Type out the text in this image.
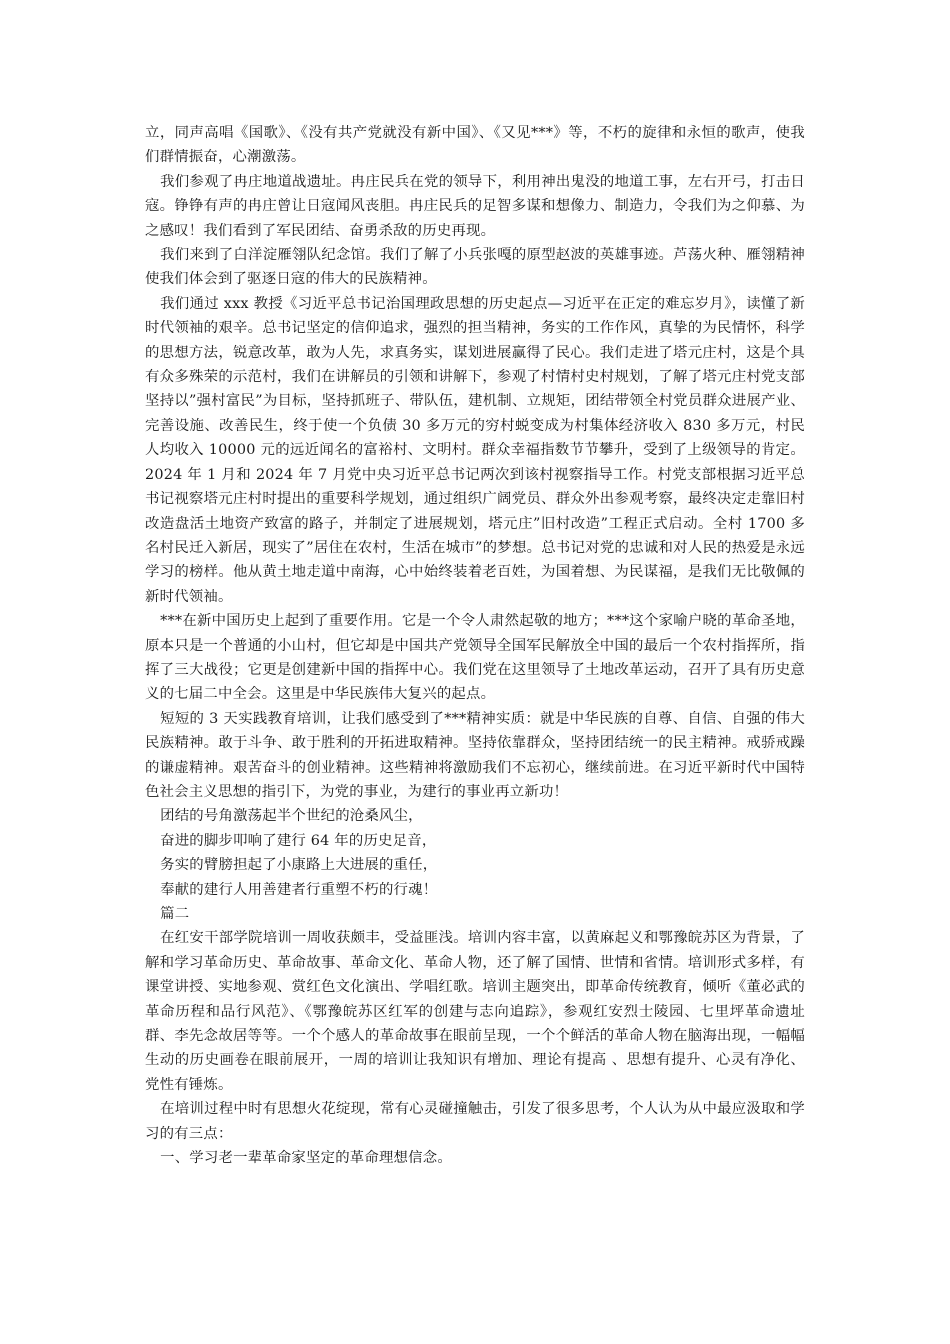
立，同声高唱《国歌》、《没有共产党就没有新中国》、《又见***》等，不朽的旋律和永恒的歌声，使我们群情振奋，心潮激荡。

我们参观了冉庄地道战遗址。冉庄民兵在党的领导下，利用神出鬼没的地道工事，左右开弓，打击日寇。铮铮有声的冉庄曾让日寇闻风丧胆。冉庄民兵的足智多谋和想像力、制造力，令我们为之仰慕、为之感叹！我们看到了军民团结、奋勇杀敌的历史再现。

我们来到了白洋淀雁翎队纪念馆。我们了解了小兵张嘎的原型赵波的英雄事迹。芦荡火种、雁翎精神使我们体会到了驱逐日寇的伟大的民族精神。

我们通过 xxx 教授《习近平总书记治国理政思想的历史起点—习近平在正定的难忘岁月》，读懂了新时代领袖的艰辛。总书记坚定的信仰追求，强烈的担当精神，务实的工作作风，真挚的为民情怀，科学的思想方法，锐意改革，敢为人先，求真务实，谋划进展赢得了民心。我们走进了塔元庄村，这是个具有众多殊荣的示范村，我们在讲解员的引领和讲解下，参观了村情村史村规划，了解了塔元庄村党支部坚持以”强村富民”为目标，坚持抓班子、带队伍，建机制、立规矩，团结带领全村党员群众进展产业、完善设施、改善民生，终于使一个负债 30 多万元的穷村蜕变成为村集体经济收入 830 多万元，村民人均收入 10000 元的远近闻名的富裕村、文明村。群众幸福指数节节攀升，受到了上级领导的肯定。2024 年 1 月和 2024 年 7 月党中央习近平总书记两次到该村视察指导工作。村党支部根据习近平总书记视察塔元庄村时提出的重要科学规划，通过组织广阔党员、群众外出参观考察，最终决定走靠旧村改造盘活土地资产致富的路子，并制定了进展规划，塔元庄”旧村改造”工程正式启动。全村 1700 多名村民迁入新居，现实了”居住在农村，生活在城市”的梦想。总书记对党的忠诚和对人民的热爱是永远学习的榜样。他从黄土地走道中南海，心中始终装着老百姓，为国着想、为民谋福，是我们无比敬佩的新时代领袖。

***在新中国历史上起到了重要作用。它是一个令人肃然起敬的地方；***这个家喻户晓的革命圣地，原本只是一个普通的小山村，但它却是中国共产党领导全国军民解放全中国的最后一个农村指挥所，指挥了三大战役；它更是创建新中国的指挥中心。我们党在这里领导了土地改革运动，召开了具有历史意义的七届二中全会。这里是中华民族伟大复兴的起点。

短短的 3 天实践教育培训，让我们感受到了***精神实质：就是中华民族的自尊、自信、自强的伟大民族精神。敢于斗争、敢于胜利的开拓进取精神。坚持依靠群众，坚持团结统一的民主精神。戒骄戒躁的谦虚精神。艰苦奋斗的创业精神。这些精神将激励我们不忘初心，继续前进。在习近平新时代中国特色社会主义思想的指引下，为党的事业，为建行的事业再立新功！

团结的号角激荡起半个世纪的沧桑风尘，

奋进的脚步叩响了建行 64 年的历史足音，

务实的臂膀担起了小康路上大进展的重任，

奉献的建行人用善建者行重塑不朽的行魂！

篇二

在红安干部学院培训一周收获颇丰，受益匪浅。培训内容丰富，以黄麻起义和鄂豫皖苏区为背景，了解和学习革命历史、革命故事、革命文化、革命人物，还了解了国情、世情和省情。培训形式多样，有课堂讲授、实地参观、赏红色文化演出、学唱红歌。培训主题突出，即革命传统教育，倾听《董必武的革命历程和品行风范》、《鄂豫皖苏区红军的创建与志向追踪》，参观红安烈士陵园、七里坪革命遗址群、李先念故居等等。一个个感人的革命故事在眼前呈现，一个个鲜活的革命人物在脑海出现，一幅幅生动的历史画卷在眼前展开，一周的培训让我知识有增加、理论有提高 、思想有提升、心灵有净化、党性有锤炼。

在培训过程中时有思想火花绽现，常有心灵碰撞触击，引发了很多思考，个人认为从中最应汲取和学习的有三点：

一、学习老一辈革命家坚定的革命理想信念。
